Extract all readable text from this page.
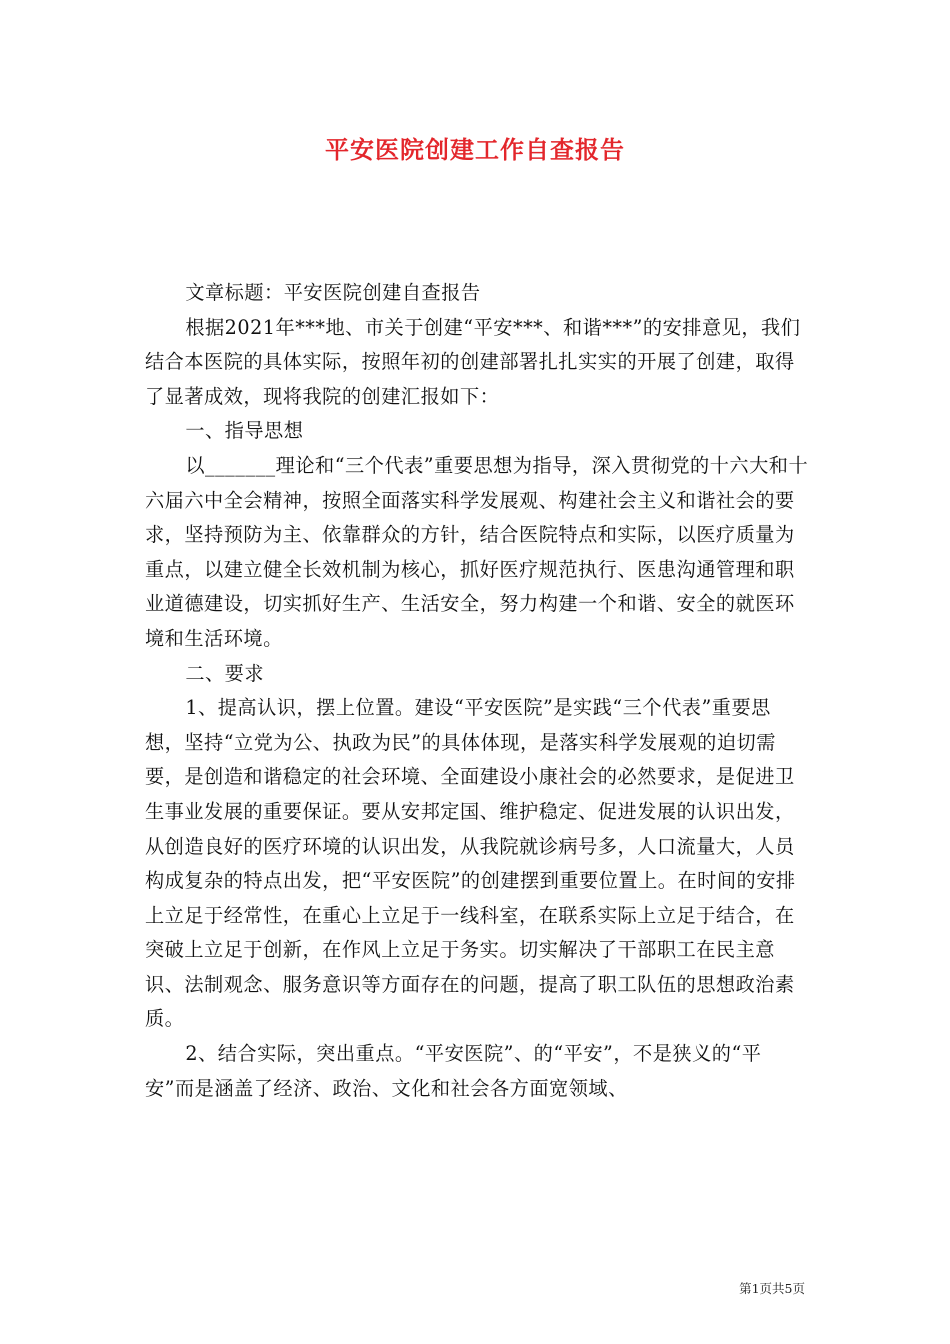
平安医院创建工作自查报告

文章标题：平安医院创建自查报告

根据2021年***地、市关于创建“平安***、和谐***”的安排意见，我们结合本医院的具体实际，按照年初的创建部署扎扎实实的开展了创建，取得了显著成效，现将我院的创建汇报如下：

一、指导思想

以_______理论和“三个代表”重要思想为指导，深入贯彻党的十六大和十六届六中全会精神，按照全面落实科学发展观、构建社会主义和谐社会的要求，坚持预防为主、依靠群众的方针，结合医院特点和实际，以医疗质量为重点，以建立健全长效机制为核心，抓好医疗规范执行、医患沟通管理和职业道德建设，切实抓好生产、生活安全，努力构建一个和谐、安全的就医环境和生活环境。

二、要求

1、提高认识，摆上位置。建设“平安医院”是实践“三个代表”重要思想，坚持“立党为公、执政为民”的具体体现，是落实科学发展观的迫切需要，是创造和谐稳定的社会环境、全面建设小康社会的必然要求，是促进卫生事业发展的重要保证。要从安邦定国、维护稳定、促进发展的认识出发，从创造良好的医疗环境的认识出发，从我院就诊病号多，人口流量大，人员构成复杂的特点出发，把“平安医院”的创建摆到重要位置上。在时间的安排上立足于经常性，在重心上立足于一线科室，在联系实际上立足于结合，在突破上立足于创新，在作风上立足于务实。切实解决了干部职工在民主意识、法制观念、服务意识等方面存在的问题，提高了职工队伍的思想政治素质。

2、结合实际，突出重点。“平安医院”、的“平安”，不是狭义的“平安”而是涵盖了经济、政治、文化和社会各方面宽领域、

第1页共5页
